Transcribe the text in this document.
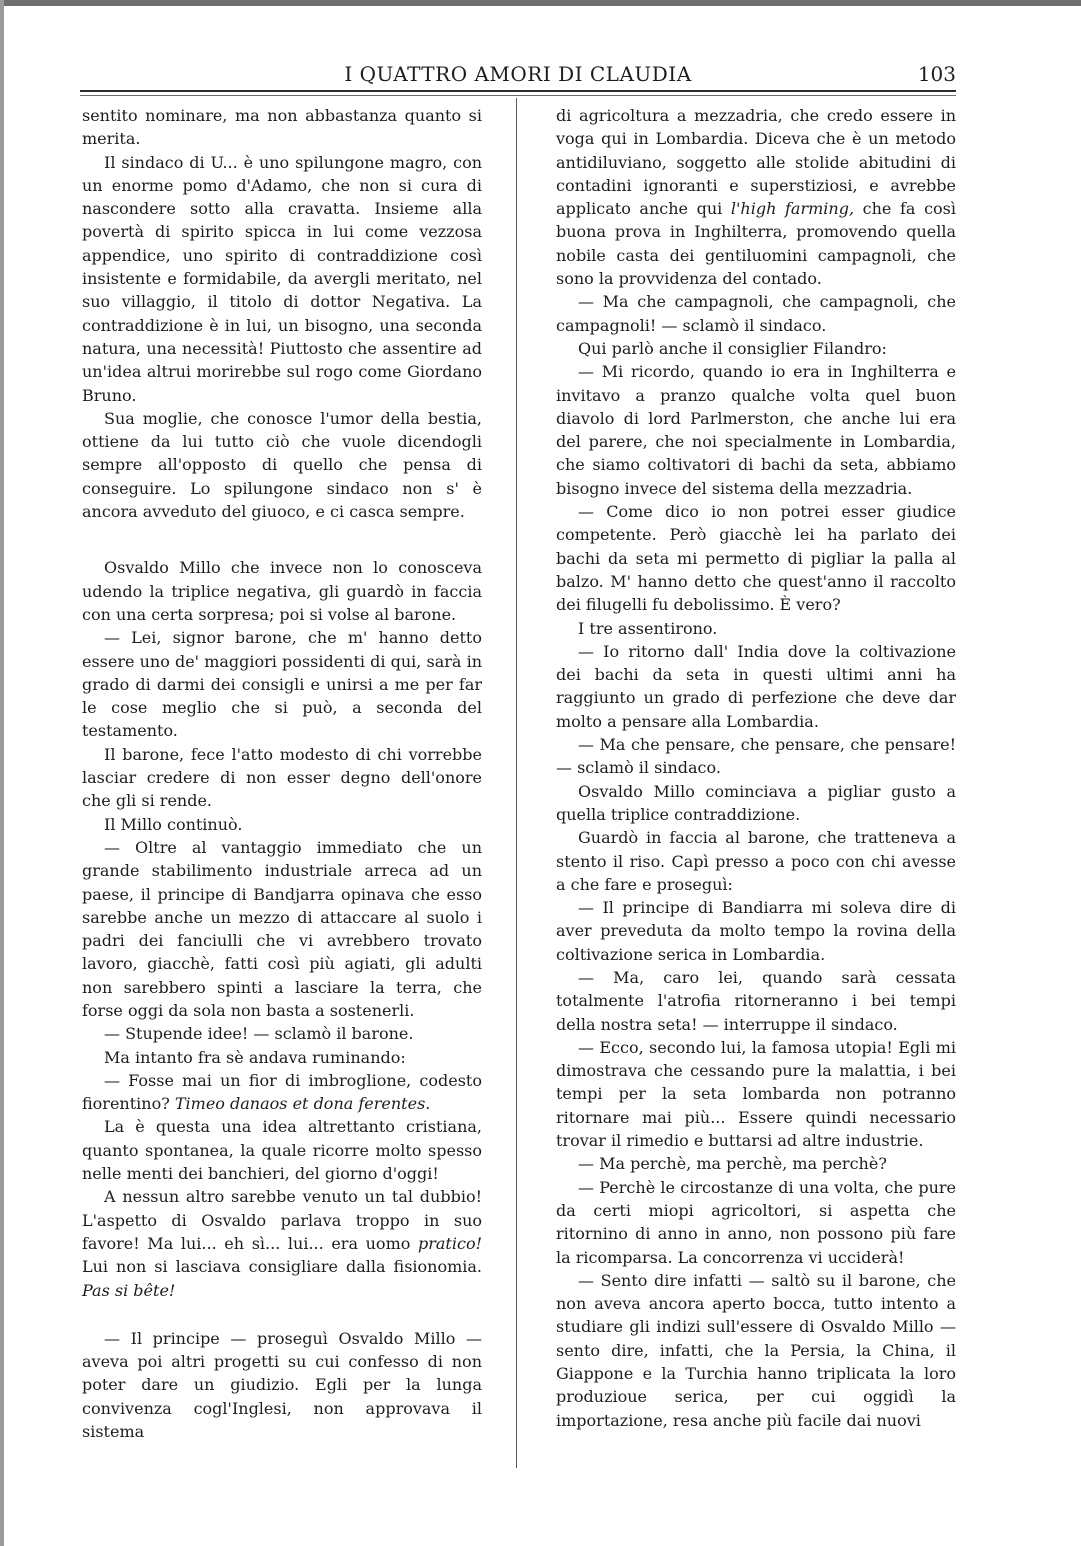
I QUATTRO AMORI DI CLAUDIA	103

sentito nominare, ma non abbastanza quanto si merita.

Il sindaco di U... è uno spilungone magro, con un enorme pomo d'Adamo, che non si cura di nascondere sotto alla cravatta. Insieme alla povertà di spirito spicca in lui come vezzosa appendice, uno spirito di contraddizione così insistente e formidabile, da avergli meritato, nel suo villaggio, il titolo di dottor Negativa. La contraddizione è in lui, un bisogno, una seconda natura, una necessità! Piuttosto che assentire ad un'idea altrui morirebbe sul rogo come Giordano Bruno.

Sua moglie, che conosce l'umor della bestia, ottiene da lui tutto ciò che vuole dicendogli sempre all'opposto di quello che pensa di conseguire. Lo spilungone sindaco non s' è ancora avveduto del giuoco, e ci casca sempre.

Osvaldo Millo che invece non lo conosceva udendo la triplice negativa, gli guardò in faccia con una certa sorpresa; poi si volse al barone.

— Lei, signor barone, che m' hanno detto essere uno de' maggiori possidenti di qui, sarà in grado di darmi dei consigli e unirsi a me per far le cose meglio che si può, a seconda del testamento.

Il barone, fece l'atto modesto di chi vorrebbe lasciar credere di non esser degno dell'onore che gli si rende.

Il Millo continuò.

— Oltre al vantaggio immediato che un grande stabilimento industriale arreca ad un paese, il principe di Bandjarra opinava che esso sarebbe anche un mezzo di attaccare al suolo i padri dei fanciulli che vi avrebbero trovato lavoro, giacchè, fatti così più agiati, gli adulti non sarebbero spinti a lasciare la terra, che forse oggi da sola non basta a sostenerli.

— Stupende idee! — sclamò il barone.

Ma intanto fra sè andava ruminando:

— Fosse mai un fior di imbroglione, codesto fiorentino? Timeo danaos et dona ferentes.

La è questa una idea altrettanto cristiana, quanto spontanea, la quale ricorre molto spesso nelle menti dei banchieri, del giorno d'oggi!

A nessun altro sarebbe venuto un tal dubbio! L'aspetto di Osvaldo parlava troppo in suo favore! Ma lui... eh sì... lui... era uomo pratico! Lui non si lasciava consigliare dalla fisionomia. Pas si bête!

— Il principe — proseguì Osvaldo Millo — aveva poi altri progetti su cui confesso di non poter dare un giudizio. Egli per la lunga convivenza cogl'Inglesi, non approvava il sistema

di agricoltura a mezzadria, che credo essere in voga qui in Lombardia. Diceva che è un metodo antidiluviano, soggetto alle stolide abitudini di contadini ignoranti e superstiziosi, e avrebbe applicato anche qui l'high farming, che fa così buona prova in Inghilterra, promovendo quella nobile casta dei gentiluomini campagnoli, che sono la provvidenza del contado.

— Ma che campagnoli, che campagnoli, che campagnoli! — sclamò il sindaco.

Qui parlò anche il consiglier Filandro:

— Mi ricordo, quando io era in Inghilterra e invitavo a pranzo qualche volta quel buon diavolo di lord Parlmerston, che anche lui era del parere, che noi specialmente in Lombardia, che siamo coltivatori di bachi da seta, abbiamo bisogno invece del sistema della mezzadria.

— Come dico io non potrei esser giudice competente. Però giacchè lei ha parlato dei bachi da seta mi permetto di pigliar la palla al balzo. M' hanno detto che quest'anno il raccolto dei filugelli fu debolissimo. È vero?

I tre assentirono.

— Io ritorno dall' India dove la coltivazione dei bachi da seta in questi ultimi anni ha raggiunto un grado di perfezione che deve dar molto a pensare alla Lombardia.

— Ma che pensare, che pensare, che pensare! — sclamò il sindaco.

Osvaldo Millo cominciava a pigliar gusto a quella triplice contraddizione.

Guardò in faccia al barone, che tratteneva a stento il riso. Capì presso a poco con chi avesse a che fare e proseguì:

— Il principe di Bandiarra mi soleva dire di aver preveduta da molto tempo la rovina della coltivazione serica in Lombardia.

— Ma, caro lei, quando sarà cessata totalmente l'atrofia ritorneranno i bei tempi della nostra seta! — interruppe il sindaco.

— Ecco, secondo lui, la famosa utopia! Egli mi dimostrava che cessando pure la malattia, i bei tempi per la seta lombarda non potranno ritornare mai più... Essere quindi necessario trovar il rimedio e buttarsi ad altre industrie.

— Ma perchè, ma perchè, ma perchè?

— Perchè le circostanze di una volta, che pure da certi miopi agricoltori, si aspetta che ritornino di anno in anno, non possono più fare la ricomparsa. La concorrenza vi ucciderà!

— Sento dire infatti — saltò su il barone, che non aveva ancora aperto bocca, tutto intento a studiare gli indizi sull'essere di Osvaldo Millo — sento dire, infatti, che la Persia, la China, il Giappone e la Turchia hanno triplicata la loro produzioue serica, per cui oggidì la importazione, resa anche più facile dai nuovi
